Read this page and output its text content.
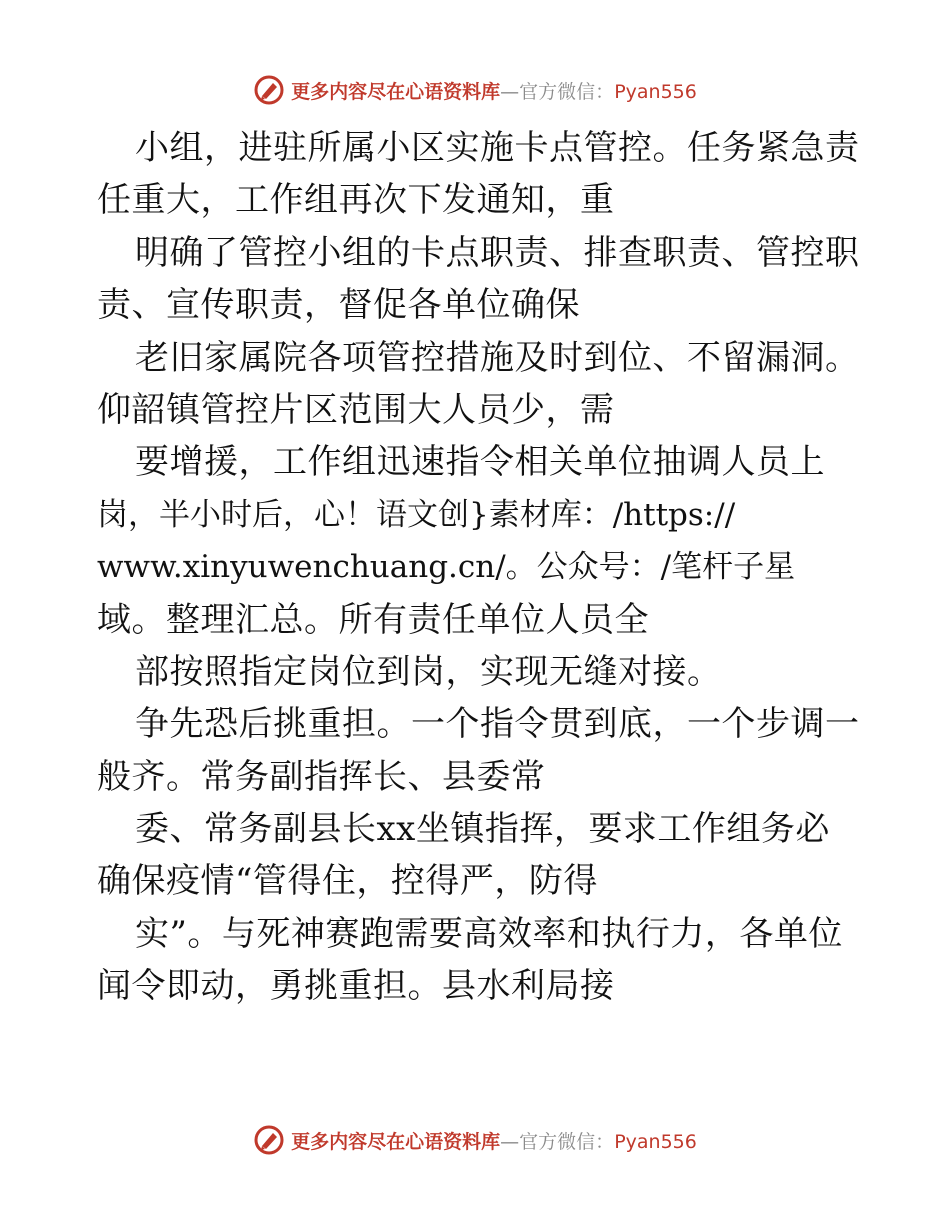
更多内容尽在心语资料库—官方微信：Pyan556
小组，进驻所属小区实施卡点管控。任务紧急责
任重大，工作组再次下发通知，重
明确了管控小组的卡点职责、排查职责、管控职
责、宣传职责，督促各单位确保
老旧家属院各项管控措施及时到位、不留漏洞。
仰韶镇管控片区范围大人员少，需
要增援，工作组迅速指令相关单位抽调人员上
岗，半小时后，心！语文创}素材库：/https://
www.xinyuwenchuang.cn/。公众号：/笔杆子星
域。整理汇总。所有责任单位人员全
部按照指定岗位到岗，实现无缝对接。
争先恐后挑重担。一个指令贯到底，一个步调一
般齐。常务副指挥长、县委常
委、常务副县长xx坐镇指挥，要求工作组务必
确保疫情“管得住，控得严，防得
实”。与死神赛跑需要高效率和执行力，各单位
闻令即动，勇挑重担。县水利局接
更多内容尽在心语资料库—官方微信：Pyan556
